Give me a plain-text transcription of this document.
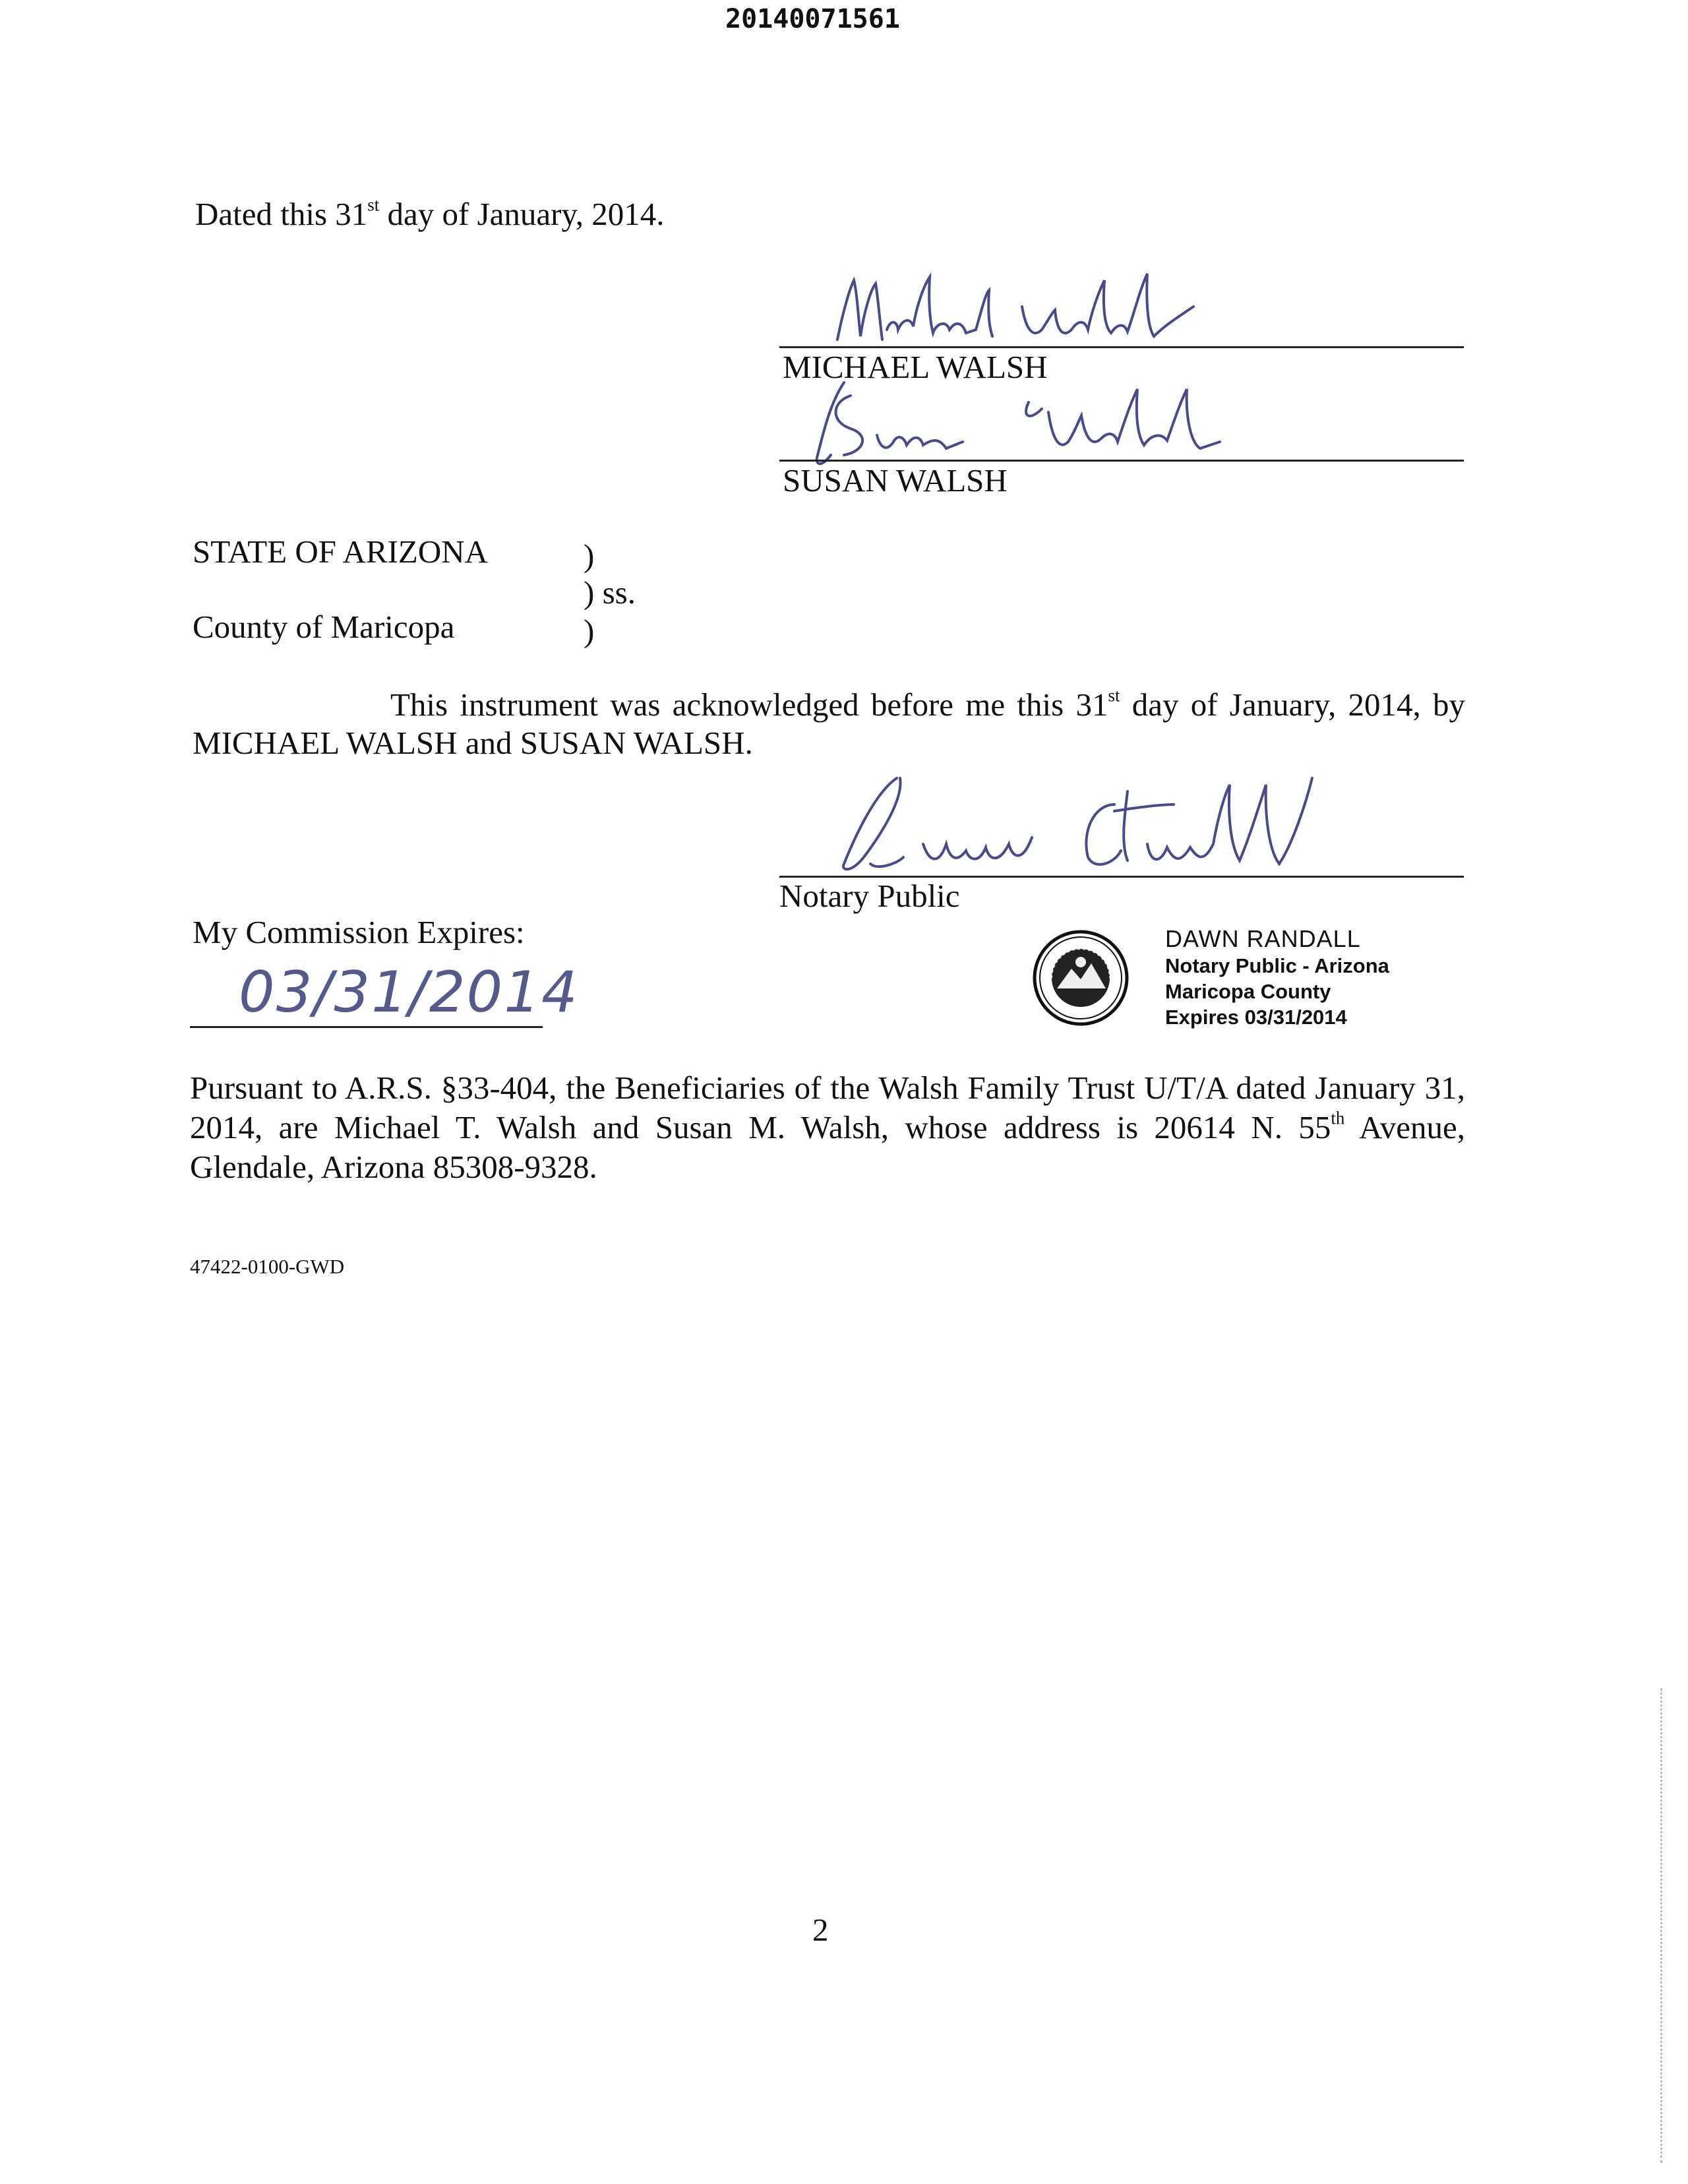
20140071561
Dated this 31st day of January, 2014.
MICHAEL WALSH
SUSAN WALSH
STATE OF ARIZONA	)
) ss.
County of Maricopa	)
This instrument was acknowledged before me this 31st day of January, 2014, by MICHAEL WALSH and SUSAN WALSH.
Notary Public
My Commission Expires:
03/31/2014
DAWN RANDALL
Notary Public - Arizona
Maricopa County
Expires 03/31/2014
Pursuant to A.R.S. §33-404, the Beneficiaries of the Walsh Family Trust U/T/A dated January 31, 2014, are Michael T. Walsh and Susan M. Walsh, whose address is 20614 N. 55th Avenue, Glendale, Arizona 85308-9328.
47422-0100-GWD
2
